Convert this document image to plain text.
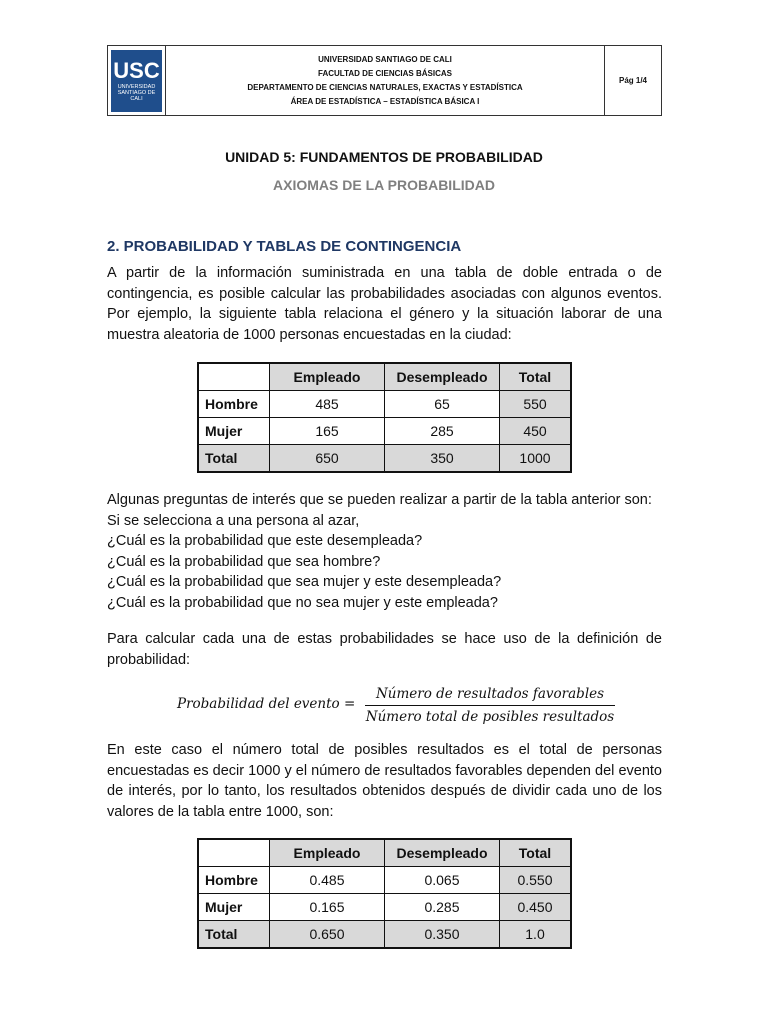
USC
UNIVERSIDAD SANTIAGO DE CALI
UNIVERSIDAD SANTIAGO DE CALI
FACULTAD DE CIENCIAS BÁSICAS
DEPARTAMENTO DE CIENCIAS NATURALES, EXACTAS Y ESTADÍSTICA
ÁREA DE ESTADÍSTICA – ESTADÍSTICA BÁSICA I
Pág 1/4
UNIDAD 5: FUNDAMENTOS DE PROBABILIDAD
AXIOMAS DE LA PROBABILIDAD
2. PROBABILIDAD Y TABLAS DE CONTINGENCIA
A partir de la información suministrada en una tabla de doble entrada o de contingencia, es posible calcular las probabilidades asociadas con algunos eventos. Por ejemplo, la siguiente tabla relaciona el género y la situación laborar de una muestra aleatoria de 1000 personas encuestadas en la ciudad:
	Empleado	Desempleado	Total
Hombre	485	65	550
Mujer	165	285	450
Total	650	350	1000
Algunas preguntas de interés que se pueden realizar a partir de la tabla anterior son:
Si se selecciona a una persona al azar,
¿Cuál es la probabilidad que este desempleada?
¿Cuál es la probabilidad que sea hombre?
¿Cuál es la probabilidad que sea mujer y este desempleada?
¿Cuál es la probabilidad que no sea mujer y este empleada?
Para calcular cada una de estas probabilidades se hace uso de la definición de probabilidad:
Probabilidad del evento =
Número de resultados favorables
Número total de posibles resultados
En este caso el número total de posibles resultados es el total de personas encuestadas es decir 1000 y el número de resultados favorables dependen del evento de interés, por lo tanto, los resultados obtenidos después de dividir cada uno de los valores de la tabla entre 1000, son:
	Empleado	Desempleado	Total
Hombre	0.485	0.065	0.550
Mujer	0.165	0.285	0.450
Total	0.650	0.350	1.0
